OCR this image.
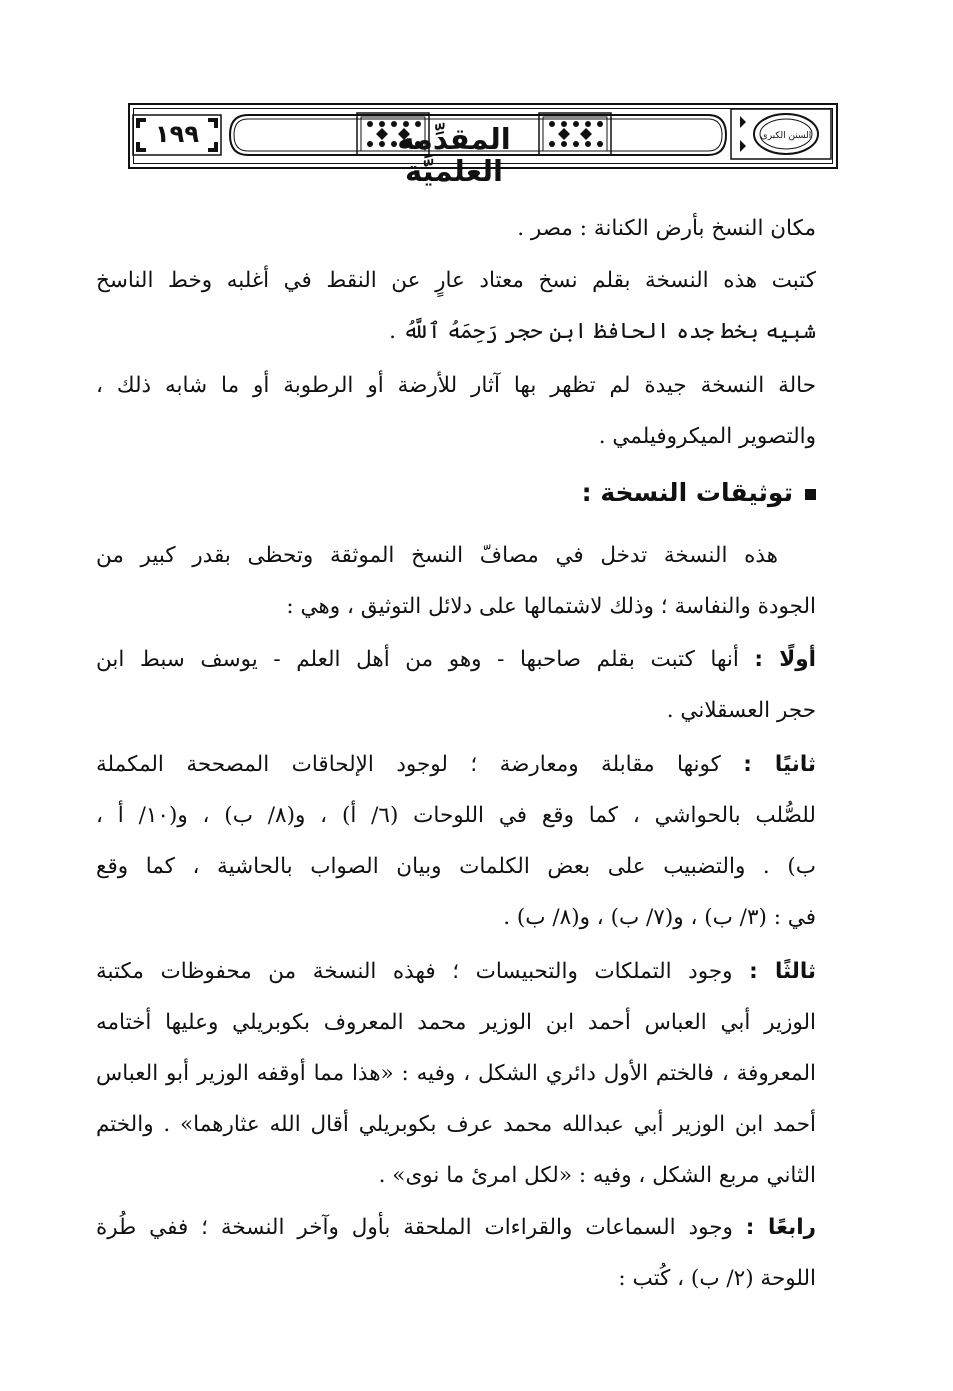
١٩٩	المقدِّمة العلميَّة
السنن الكبرى
مكان النسخ بأرض الكنانة : مصر .
كتبت هذه النسخة بقلم نسخ معتاد عارٍ عن النقط في أغلبه وخط الناسخ
شبيه بخط جده الحافظ ابن حجر رَحِمَهُ ٱللَّهُ .
حالة النسخة جيدة لم تظهر بها آثار للأرضة أو الرطوبة أو ما شابه ذلك ،
والتصوير الميكروفيلمي .
توثيقات النسخة :
هذه النسخة تدخل في مصافّ النسخ الموثقة وتحظى بقدر كبير من
الجودة والنفاسة ؛ وذلك لاشتمالها على دلائل التوثيق ، وهي :
أولًا : أنها كتبت بقلم صاحبها - وهو من أهل العلم - يوسف سبط ابن
حجر العسقلاني .
ثانيًا : كونها مقابلة ومعارضة ؛ لوجود الإلحاقات المصححة المكملة
للصُّلب بالحواشي ، كما وقع في اللوحات (٦/ أ) ، و(٨/ ب) ، و(١٠/ أ ،
ب) . والتضبيب على بعض الكلمات وبيان الصواب بالحاشية ، كما وقع
في : (٣/ ب) ، و(٧/ ب) ، و(٨/ ب) .
ثالثًا : وجود التملكات والتحبيسات ؛ فهذه النسخة من محفوظات مكتبة
الوزير أبي العباس أحمد ابن الوزير محمد المعروف بكوبريلي وعليها أختامه
المعروفة ، فالختم الأول دائري الشكل ، وفيه : «هذا مما أوقفه الوزير أبو العباس
أحمد ابن الوزير أبي عبدالله محمد عرف بكوبريلي أقال الله عثارهما» . والختم
الثاني مربع الشكل ، وفيه : «لكل امرئ ما نوى» .
رابعًا : وجود السماعات والقراءات الملحقة بأول وآخر النسخة ؛ ففي طُرة
اللوحة (٢/ ب) ، كُتب :
